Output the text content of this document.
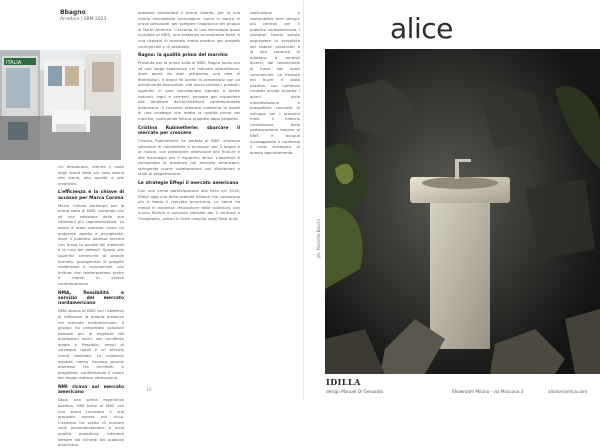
Bbagno
Arredare | IIBM 2023
ITALIA

chi desiderava, mentre il resto degli stand della più nota donna alla storia, alla qualità e alle creatività.

L'efficienza è la chiave di accesso per Marca Corona

Marca Corona partecipa per la prima volta al KBIS, portando con sé una selezione delle sue collezioni più rappresentative. Lo stand è stato pensato come un ambiente aperto e accogliente, dove il pubblico potesse toccare con mano la qualità dei materiali e la cura dei dettagli. Spazio alle superfici ceramiche di grande formato, protagoniste di progetti residenziali e commerciali, con finiture che reinterpretano pietre e marmi in chiave contemporanea.

NMA, flessibilità e servizio del mercato nordamericano

NMA sbarca al KBIS con l'obiettivo di rafforzare la propria presenza nel mercato nordamericano. Il gruppo ha presentato soluzioni pensate per le esigenze dei distributori locali, con un'offerta ampia e flessibile, tempi di consegna rapidi e un servizio clienti dedicato. Le collezioni esposte hanno riscosso grande interesse tra architetti e progettisti, confermando il valore del design italiano oltreoceano.

NMI ricava sul mercato americano

Dopo una prima esperienza positiva, NMI torna al KBIS con uno stand rinnovato e una proposta ancora più ricca. L'azienda ha scelto di puntare sulla personalizzazione e sulla qualità produttiva, elementi sempre più richiesti dal pubblico americano.

abbiamo presentato il brand Aliante, per la sua ultima innovazione tecnologica, come in banco di prova personale, per spiegare l'approccio del gruppo al North America. L'accordo di una tecnologia quasi invisibile al KBIS, una presenza sicuramente forte, e una risposta di mercato molto positiva per progetti commerciali e di ospitalità.

Ragno: la qualità prima del marchio

Presente per la prima volta al KBIS, Ragno porta con sé una lunga esperienza nel mercato statunitense, dove opera da anni attraverso una rete di distributori. Il brand ha scelto di presentarsi con un allestimento essenziale, che lascia parlare i prodotti: superfici in gres porcellanato ispirate a pietre naturali, legni e cementi, pensate per rispondere alle tendenze dell'architettura contemporanea americana. Il riscontro ottenuto conferma la bontà di una strategia che mette la qualità prima del marchio, costruendo fiducia progetto dopo progetto.

Cristina Rubinetterie: sbarcare il mercato per crescere

Cristina Rubinetterie ha portato al KBIS un'ampia selezione di rubinetterie e accessori per il bagno e la cucina, con particolare attenzione alle finiture e alle tecnologie per il risparmio idrico. L'obiettivo è consolidare la presenza nel mercato americano, stringendo nuove collaborazioni con distributori e studi di progettazione.

Le strategie Effepi il mercato americano

Con una prima partecipazione alla fiera nel 2019, Effepi oggi una delle aziende italiane che conoscono più a fondo il mercato americano. Lo stand ha messo in evidenza l'evoluzione delle collezioni, con nuove finiture e soluzioni pensate per il contract e l'hospitality, settori in forte crescita negli Stati Uniti.

costruzione e sostenibilità: temi sempre più centrali per il pubblico nordamericano. I visitatori hanno potuto apprezzare la versatilità dei sistemi presentati e la loro capacità di adattarsi a contesti diversi, dal residenziale di lusso agli spazi commerciali. La risposta dei buyer è stata positiva, con numerosi contatti avviati durante i giorni della manifestazione e prospettive concrete di sviluppo per i prossimi mesi. Il bilancio complessivo della partecipazione italiana al KBIS è dunque incoraggiante e conferma il ruolo strategico di questo appuntamento.

16
alice
ph. Marcello Bacchi
IDILLA
design Manuel Di Gesualdo	Showroom Milano - via Moscova 3	aliceceramica.com
